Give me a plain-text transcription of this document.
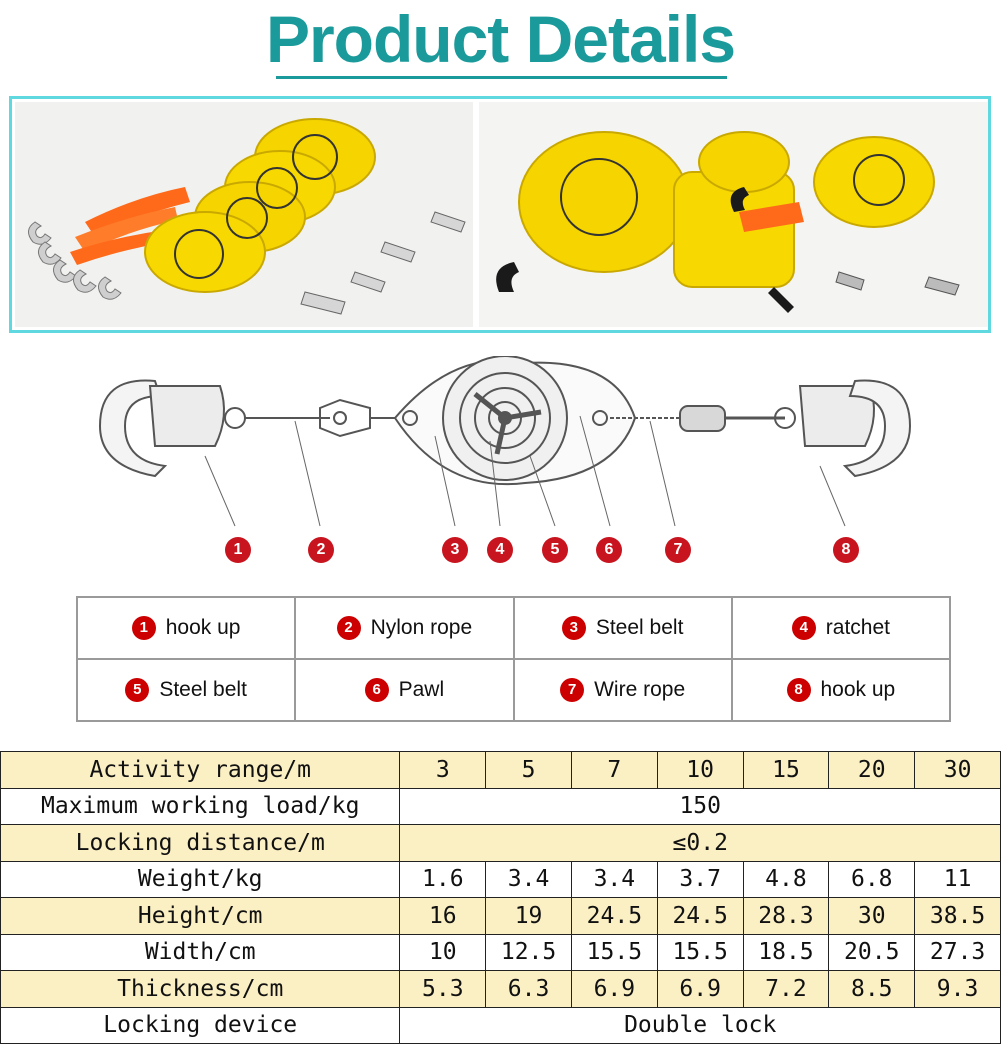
Product Details
1	2	3	4	5	6	7	8
1 hook up	2 Nylon rope	3 Steel belt	4 ratchet
5 Steel belt	6 Pawl	7 Wire rope	8 hook up
Activity range/m	3	5	7	10	15	20	30
Maximum working load/kg	150						
Locking distance/m	≤0.2						
Weight/kg	1.6	3.4	3.4	3.7	4.8	6.8	11
Height/cm	16	19	24.5	24.5	28.3	30	38.5
Width/cm	10	12.5	15.5	15.5	18.5	20.5	27.3
Thickness/cm	5.3	6.3	6.9	6.9	7.2	8.5	9.3
Locking device	Double lock						
